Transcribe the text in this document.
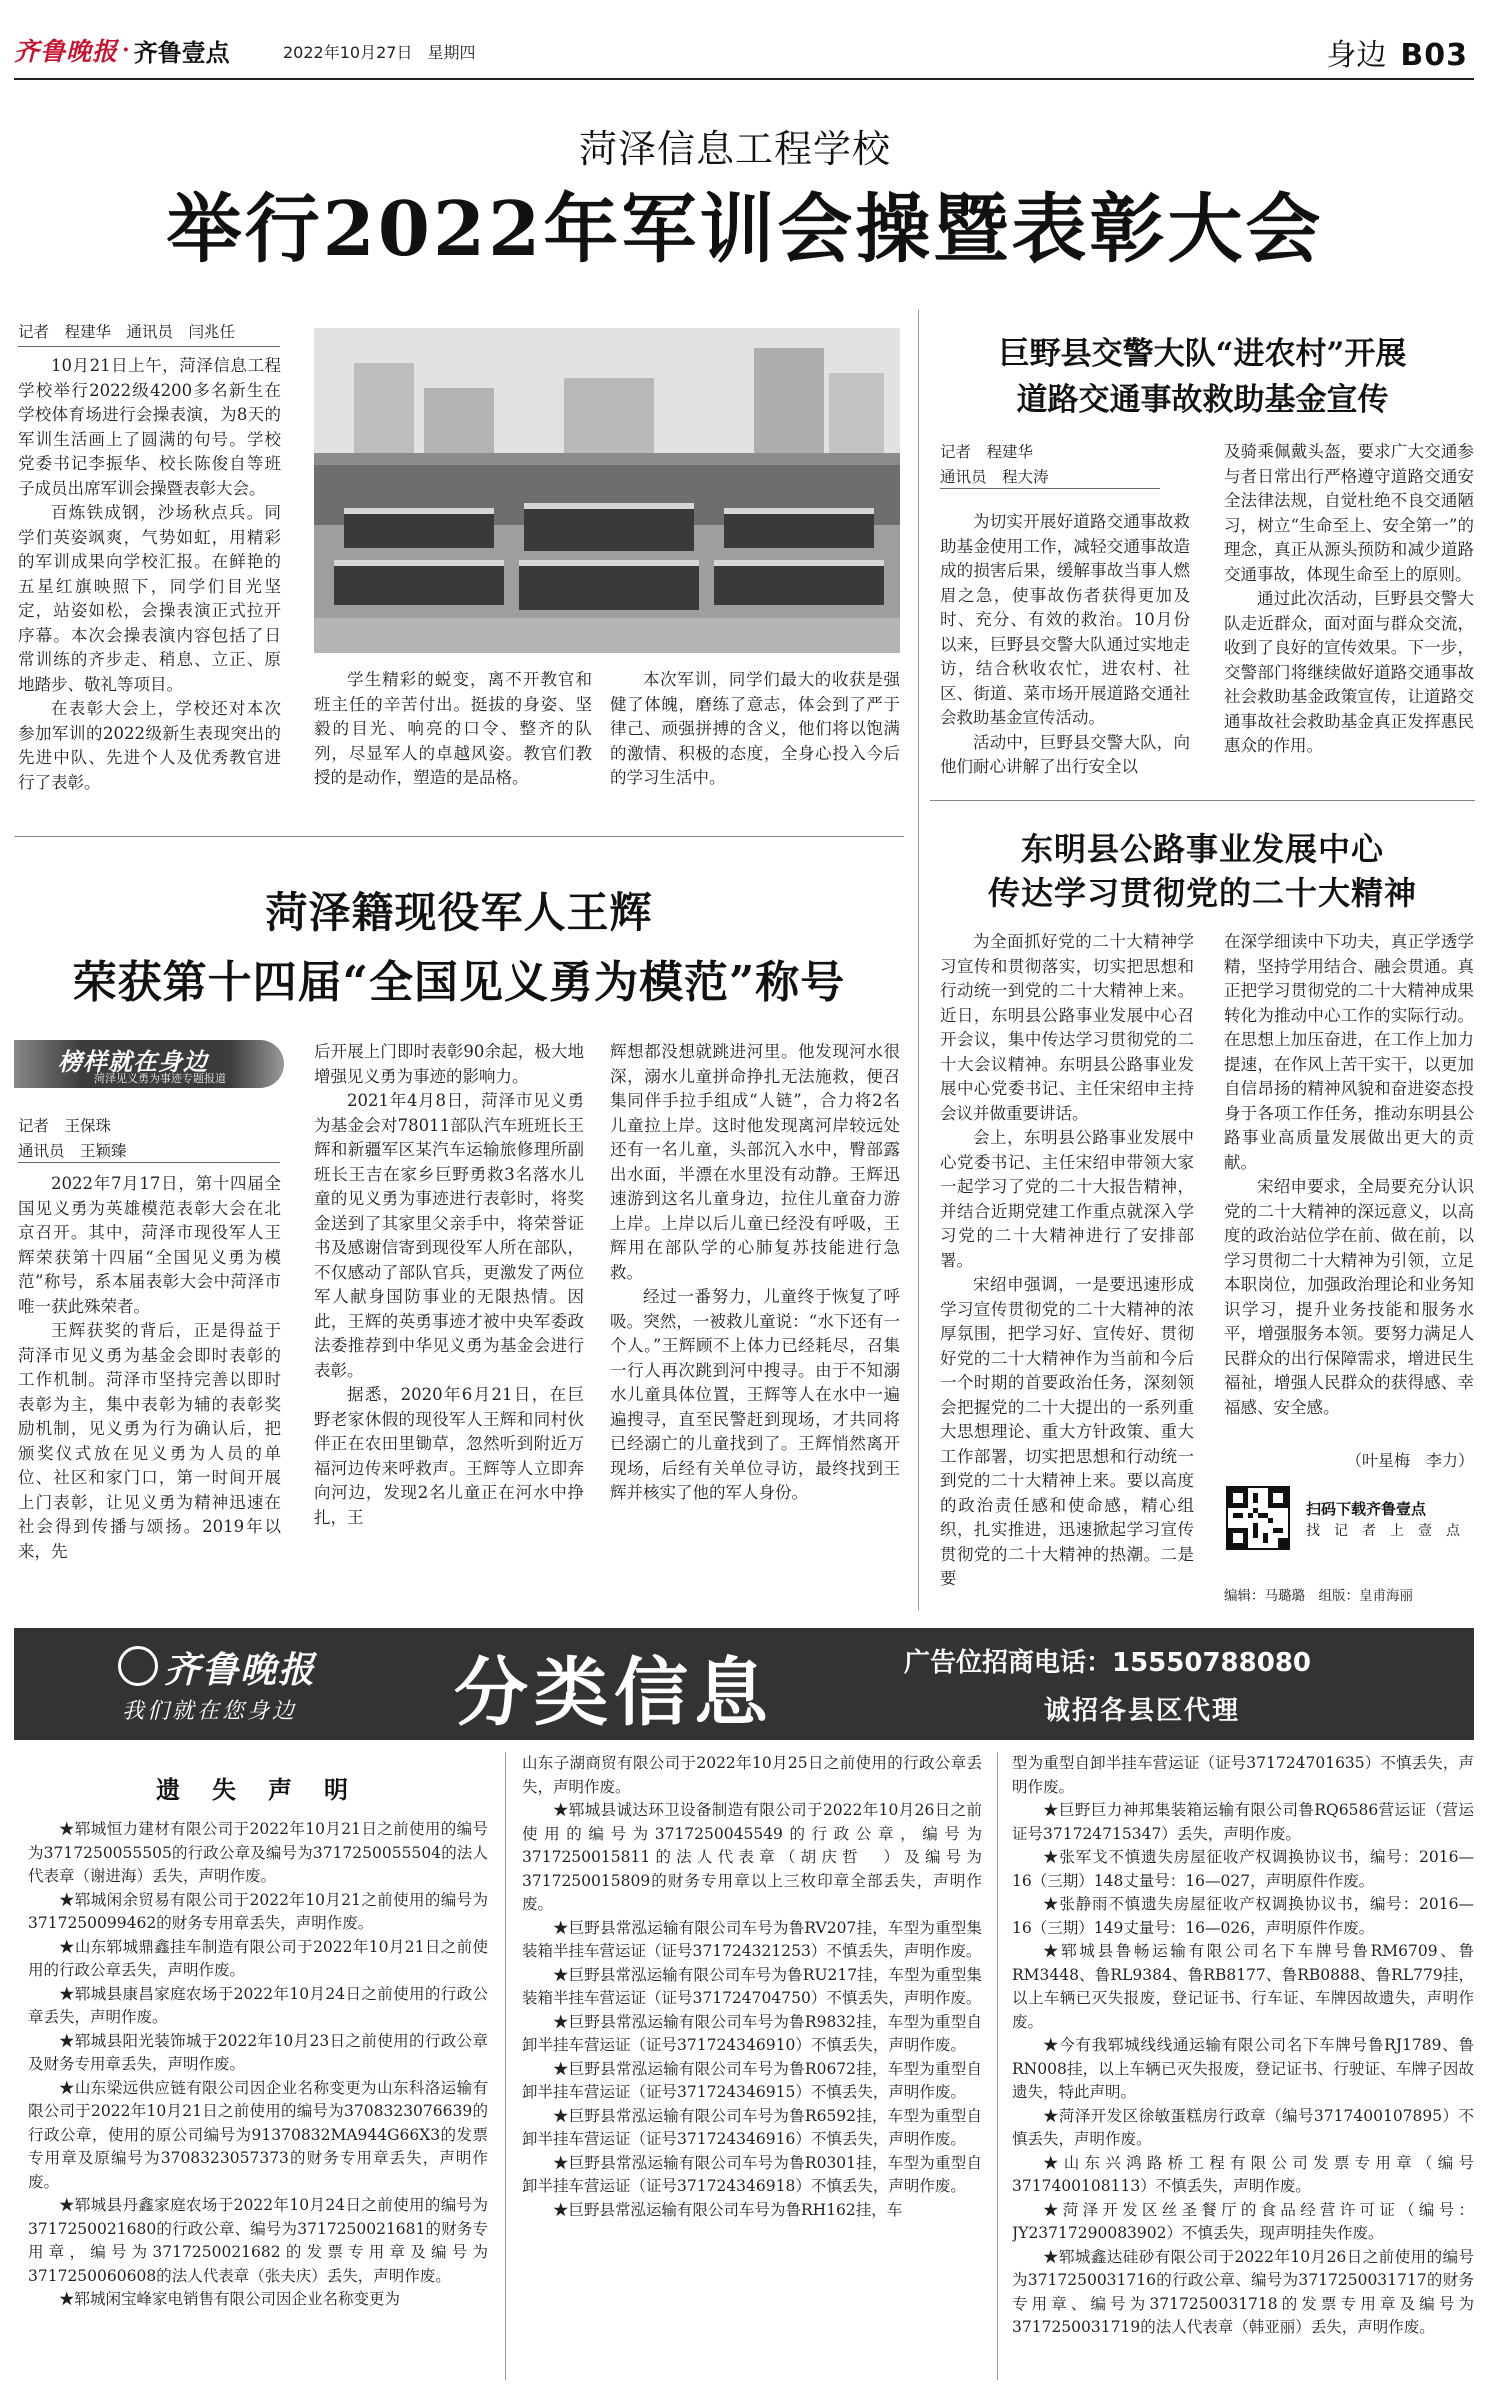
齐鲁晚报 · 齐鲁壹点	2022年10月27日 星期四	身边 B03
菏泽信息工程学校
举行2022年军训会操暨表彰大会
记者　程建华　通讯员　闫兆任

10月21日上午，菏泽信息工程学校举行2022级4200多名新生在学校体育场进行会操表演，为8天的军训生活画上了圆满的句号。学校党委书记李振华、校长陈俊自等班子成员出席军训会操暨表彰大会。

百炼铁成钢，沙场秋点兵。同学们英姿飒爽，气势如虹，用精彩的军训成果向学校汇报。在鲜艳的五星红旗映照下，同学们目光坚定，站姿如松，会操表演正式拉开序幕。本次会操表演内容包括了日常训练的齐步走、稍息、立正、原地踏步、敬礼等项目。

在表彰大会上，学校还对本次参加军训的2022级新生表现突出的先进中队、先进个人及优秀教官进行了表彰。

学生精彩的蜕变，离不开教官和班主任的辛苦付出。挺拔的身姿、坚毅的目光、响亮的口令、整齐的队列，尽显军人的卓越风姿。教官们教授的是动作，塑造的是品格。

本次军训，同学们最大的收获是强健了体魄，磨练了意志，体会到了严于律己、顽强拼搏的含义，他们将以饱满的激情、积极的态度，全身心投入今后的学习生活中。

菏泽籍现役军人王辉
荣获第十四届“全国见义勇为模范”称号
榜样就在身边
菏泽见义勇为事迹专题报道
记者　王保珠
通讯员　王颖臻

2022年7月17日，第十四届全国见义勇为英雄模范表彰大会在北京召开。其中，菏泽市现役军人王辉荣获第十四届“全国见义勇为模范”称号，系本届表彰大会中菏泽市唯一获此殊荣者。

王辉获奖的背后，正是得益于菏泽市见义勇为基金会即时表彰的工作机制。菏泽市坚持完善以即时表彰为主，集中表彰为辅的表彰奖励机制，见义勇为行为确认后，把颁奖仪式放在见义勇为人员的单位、社区和家门口，第一时间开展上门表彰，让见义勇为精神迅速在社会得到传播与颂扬。2019年以来，先

后开展上门即时表彰90余起，极大地增强见义勇为事迹的影响力。

2021年4月8日，菏泽市见义勇为基金会对78011部队汽车班班长王辉和新疆军区某汽车运输旅修理所副班长王吉在家乡巨野勇救3名落水儿童的见义勇为事迹进行表彰时，将奖金送到了其家里父亲手中，将荣誉证书及感谢信寄到现役军人所在部队，不仅感动了部队官兵，更激发了两位军人献身国防事业的无限热情。因此，王辉的英勇事迹才被中央军委政法委推荐到中华见义勇为基金会进行表彰。

据悉，2020年6月21日，在巨野老家休假的现役军人王辉和同村伙伴正在农田里锄草，忽然听到附近万福河边传来呼救声。王辉等人立即奔向河边，发现2名儿童正在河水中挣扎，王

辉想都没想就跳进河里。他发现河水很深，溺水儿童拼命挣扎无法施救，便召集同伴手拉手组成“人链”，合力将2名儿童拉上岸。这时他发现离河岸较远处还有一名儿童，头部沉入水中，臀部露出水面，半漂在水里没有动静。王辉迅速游到这名儿童身边，拉住儿童奋力游上岸。上岸以后儿童已经没有呼吸，王辉用在部队学的心肺复苏技能进行急救。

经过一番努力，儿童终于恢复了呼吸。突然，一被救儿童说：“水下还有一个人。”王辉顾不上体力已经耗尽，召集一行人再次跳到河中搜寻。由于不知溺水儿童具体位置，王辉等人在水中一遍遍搜寻，直至民警赶到现场，才共同将已经溺亡的儿童找到了。王辉悄然离开现场，后经有关单位寻访，最终找到王辉并核实了他的军人身份。

巨野县交警大队“进农村”开展
道路交通事故救助基金宣传
记者　程建华
通讯员　程大涛

为切实开展好道路交通事故救助基金使用工作，减轻交通事故造成的损害后果，缓解事故当事人燃眉之急，使事故伤者获得更加及时、充分、有效的救治。10月份以来，巨野县交警大队通过实地走访，结合秋收农忙，进农村、社区、街道、菜市场开展道路交通社会救助基金宣传活动。

活动中，巨野县交警大队，向他们耐心讲解了出行安全以

及骑乘佩戴头盔，要求广大交通参与者日常出行严格遵守道路交通安全法律法规，自觉杜绝不良交通陋习，树立“生命至上、安全第一”的理念，真正从源头预防和减少道路交通事故，体现生命至上的原则。

通过此次活动，巨野县交警大队走近群众，面对面与群众交流，收到了良好的宣传效果。下一步，交警部门将继续做好道路交通事故社会救助基金政策宣传，让道路交通事故社会救助基金真正发挥惠民惠众的作用。

东明县公路事业发展中心
传达学习贯彻党的二十大精神

为全面抓好党的二十大精神学习宣传和贯彻落实，切实把思想和行动统一到党的二十大精神上来。近日，东明县公路事业发展中心召开会议，集中传达学习贯彻党的二十大会议精神。东明县公路事业发展中心党委书记、主任宋绍申主持会议并做重要讲话。

会上，东明县公路事业发展中心党委书记、主任宋绍申带领大家一起学习了党的二十大报告精神，并结合近期党建工作重点就深入学习党的二十大精神进行了安排部署。

宋绍申强调，一是要迅速形成学习宣传贯彻党的二十大精神的浓厚氛围，把学习好、宣传好、贯彻好党的二十大精神作为当前和今后一个时期的首要政治任务，深刻领会把握党的二十大提出的一系列重大思想理论、重大方针政策、重大工作部署，切实把思想和行动统一到党的二十大精神上来。要以高度的政治责任感和使命感，精心组织，扎实推进，迅速掀起学习宣传贯彻党的二十大精神的热潮。二是要

在深学细读中下功夫，真正学透学精，坚持学用结合、融会贯通。真正把学习贯彻党的二十大精神成果转化为推动中心工作的实际行动。在思想上加压奋进，在工作上加力提速，在作风上苦干实干，以更加自信昂扬的精神风貌和奋进姿态投身于各项工作任务，推动东明县公路事业高质量发展做出更大的贡献。

宋绍申要求，全局要充分认识党的二十大精神的深远意义，以高度的政治站位学在前、做在前，以学习贯彻二十大精神为引领，立足本职岗位，加强政治理论和业务知识学习，提升业务技能和服务水平，增强服务本领。要努力满足人民群众的出行保障需求，增进民生福祉，增强人民群众的获得感、幸福感、安全感。

（叶星梅　李力）
扫码下载齐鲁壹点
找　记　者　上　壹　点
编辑：马璐璐　组版：皇甫海丽
齐鲁晚报
我们就在您身边 分类信息	广告位招商电话：15550788080
诚招各县区代理
遗　失　声　明

★郓城恒力建材有限公司于2022年10月21日之前使用的编号为3717250055505的行政公章及编号为3717250055504的法人代表章（谢进海）丢失，声明作废。

★郓城闲余贸易有限公司于2022年10月21之前使用的编号为3717250099462的财务专用章丢失，声明作废。

★山东郓城鼎鑫挂车制造有限公司于2022年10月21日之前使用的行政公章丢失，声明作废。

★郓城县康昌家庭农场于2022年10月24日之前使用的行政公章丢失，声明作废。

★郓城县阳光装饰城于2022年10月23日之前使用的行政公章及财务专用章丢失，声明作废。

★山东梁远供应链有限公司因企业名称变更为山东科洛运输有限公司于2022年10月21日之前使用的编号为3708323076639的行政公章，使用的原公司编号为91370832MA944G66X3的发票专用章及原编号为3708323057373的财务专用章丢失，声明作废。

★郓城县丹鑫家庭农场于2022年10月24日之前使用的编号为3717250021680的行政公章、编号为3717250021681的财务专用章，编号为3717250021682的发票专用章及编号为3717250060608的法人代表章（张夫庆）丢失，声明作废。

★郓城闲宝峰家电销售有限公司因企业名称变更为

山东子湖商贸有限公司于2022年10月25日之前使用的行政公章丢失，声明作废。

★郓城县诚达环卫设备制造有限公司于2022年10月26日之前使用的编号为3717250045549的行政公章，编号为3717250015811的法人代表章（胡庆哲　）及编号为3717250015809的财务专用章以上三枚印章全部丢失，声明作废。

★巨野县常泓运输有限公司车号为鲁RV207挂，车型为重型集装箱半挂车营运证（证号371724321253）不慎丢失，声明作废。

★巨野县常泓运输有限公司车号为鲁RU217挂，车型为重型集装箱半挂车营运证（证号371724704750）不慎丢失，声明作废。

★巨野县常泓运输有限公司车号为鲁R9832挂，车型为重型自卸半挂车营运证（证号371724346910）不慎丢失，声明作废。

★巨野县常泓运输有限公司车号为鲁R0672挂，车型为重型自卸半挂车营运证（证号371724346915）不慎丢失，声明作废。

★巨野县常泓运输有限公司车号为鲁R6592挂，车型为重型自卸半挂车营运证（证号371724346916）不慎丢失，声明作废。

★巨野县常泓运输有限公司车号为鲁R0301挂，车型为重型自卸半挂车营运证（证号371724346918）不慎丢失，声明作废。

★巨野县常泓运输有限公司车号为鲁RH162挂，车

型为重型自卸半挂车营运证（证号371724701635）不慎丢失，声明作废。

★巨野巨力神邦集装箱运输有限公司鲁RQ6586营运证（营运证号371724715347）丢失，声明作废。

★张军戈不慎遗失房屋征收产权调换协议书，编号：2016—16（三期）148丈量号：16—027，声明原件作废。

★张静雨不慎遗失房屋征收产权调换协议书，编号：2016—16（三期）149丈量号：16—026，声明原件作废。

★郓城县鲁畅运输有限公司名下车牌号鲁RM6709、鲁RM3448、鲁RL9384、鲁RB8177、鲁RB0888、鲁RL779挂，以上车辆已灭失报废，登记证书、行车证、车牌因故遗失，声明作废。

★今有我郓城线线通运输有限公司名下车牌号鲁RJ1789、鲁RN008挂，以上车辆已灭失报废，登记证书、行驶证、车牌子因故遗失，特此声明。

★菏泽开发区徐敏蛋糕房行政章（编号3717400107895）不慎丢失，声明作废。

★山东兴鸿路桥工程有限公司发票专用章（编号3717400108113）不慎丢失，声明作废。

★菏泽开发区丝圣餐厅的食品经营许可证（编号：JY23717290083902）不慎丢失，现声明挂失作废。

★郓城鑫达硅砂有限公司于2022年10月26日之前使用的编号为3717250031716的行政公章、编号为3717250031717的财务专用章、编号为3717250031718的发票专用章及编号为3717250031719的法人代表章（韩亚丽）丢失，声明作废。
